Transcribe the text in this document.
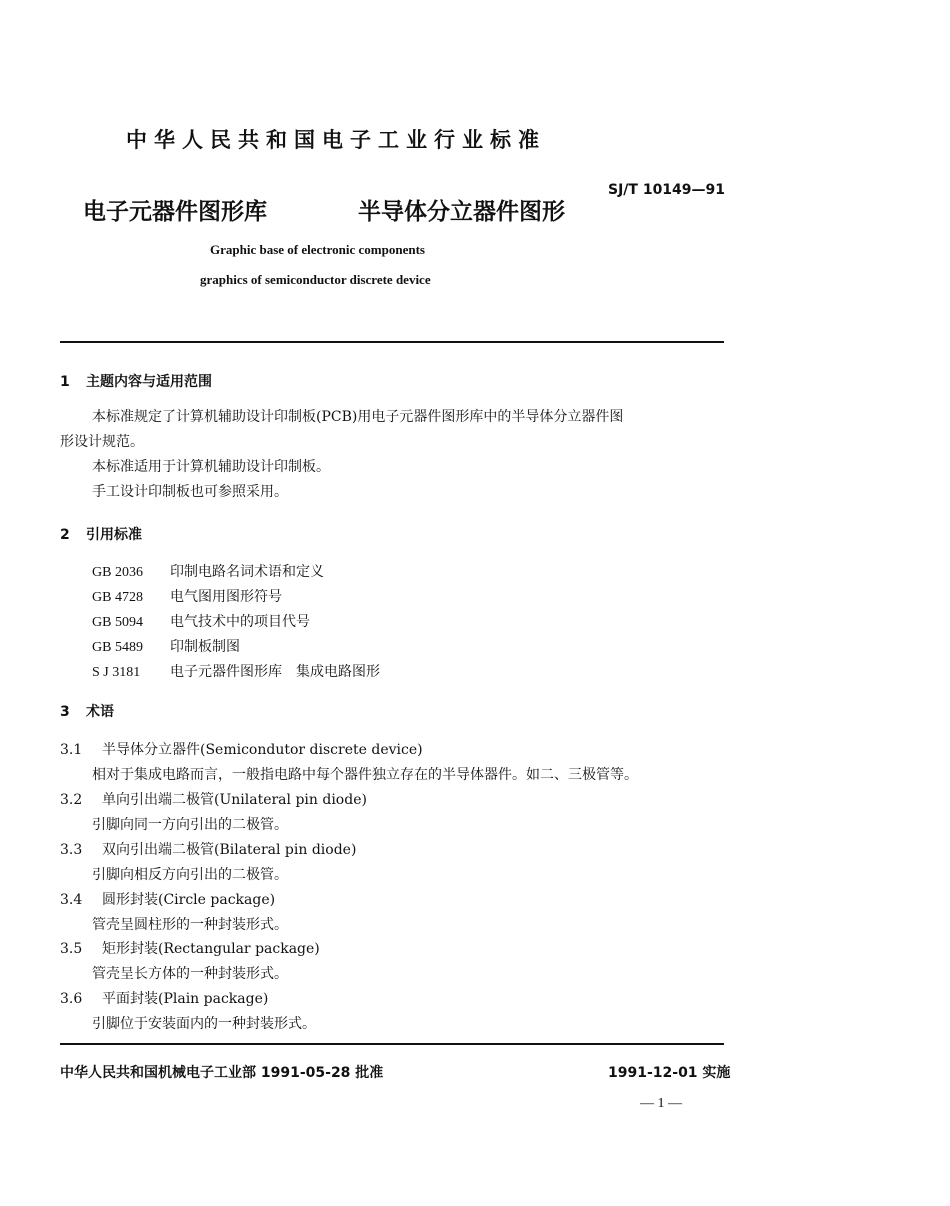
中华人民共和国电子工业行业标准
电子元器件图形库	半导体分立器件图形
SJ/T 10149—91
Graphic base of electronic components
graphics of semiconductor discrete device
1 主题内容与适用范围
本标准规定了计算机辅助设计印制板(PCB)用电子元器件图形库中的半导体分立器件图
形设计规范。
本标准适用于计算机辅助设计印制板。
手工设计印制板也可参照采用。
2 引用标准
GB 2036 印制电路名词术语和定义
GB 4728 电气图用图形符号
GB 5094 电气技术中的项目代号
GB 5489 印制板制图
S J 3181 电子元器件图形库　集成电路图形
3 术语
3.1 半导体分立器件(Semicondutor discrete device)
相对于集成电路而言，一般指电路中每个器件独立存在的半导体器件。如二、三极管等。
3.2 单向引出端二极管(Unilateral pin diode)
引脚向同一方向引出的二极管。
3.3 双向引出端二极管(Bilateral pin diode)
引脚向相反方向引出的二极管。
3.4 圆形封装(Circle package)
管壳呈圆柱形的一种封装形式。
3.5 矩形封装(Rectangular package)
管壳呈长方体的一种封装形式。
3.6 平面封装(Plain package)
引脚位于安装面内的一种封装形式。
中华人民共和国机械电子工业部 1991-05-28 批准	1991-12-01 实施
— 1 —
